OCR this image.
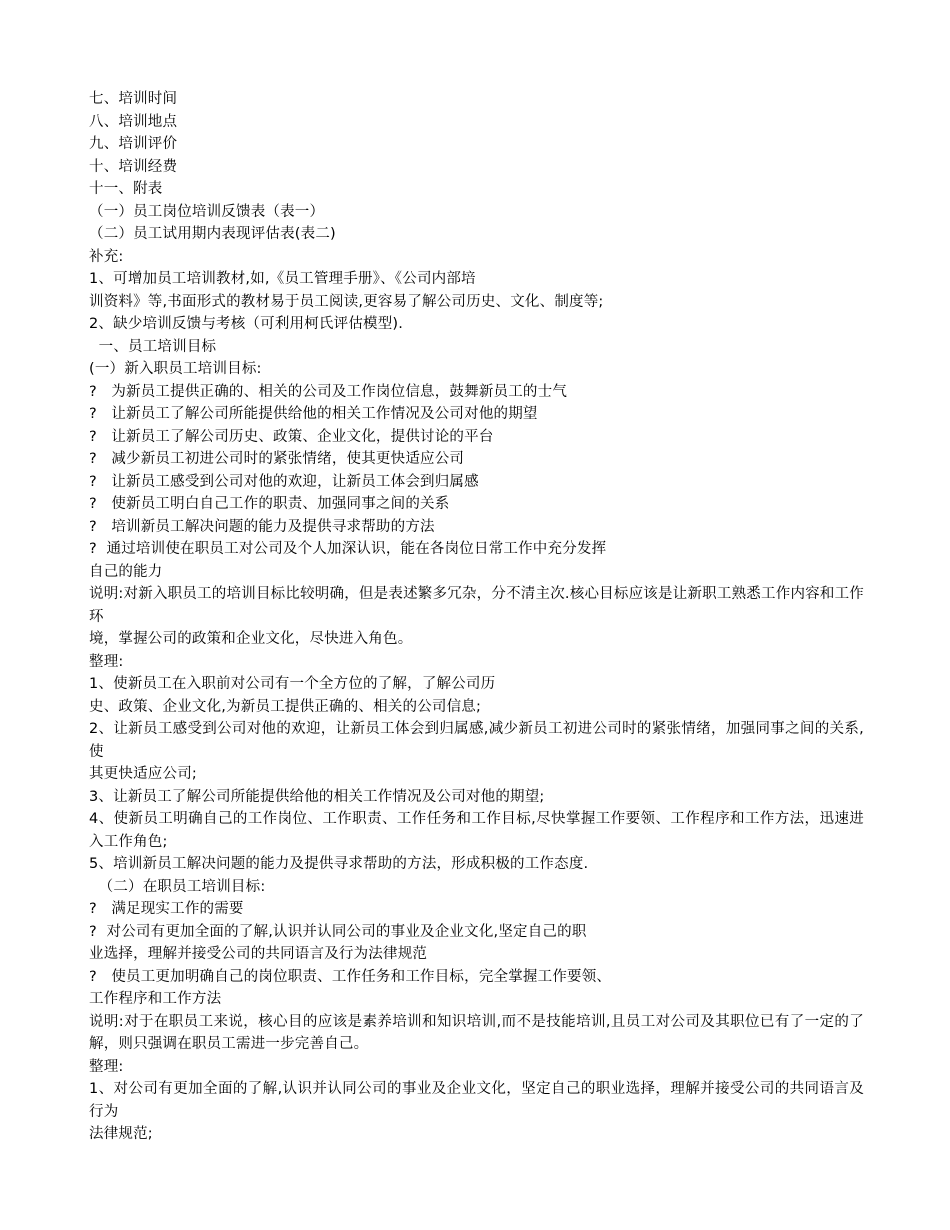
七、培训时间
八、培训地点
九、培训评价
十、培训经费
十一、附表
（一）员工岗位培训反馈表（表一）
（二）员工试用期内表现评估表(表二)
补充:
1、可增加员工培训教材,如,《员工管理手册》、《公司内部培
训资料》等,书面形式的教材易于员工阅读,更容易了解公司历史、文化、制度等;
2、缺少培训反馈与考核（可利用柯氏评估模型).
一、员工培训目标
(一）新入职员工培训目标:
?   为新员工提供正确的、相关的公司及工作岗位信息，鼓舞新员工的士气
?   让新员工了解公司所能提供给他的相关工作情况及公司对他的期望
?   让新员工了解公司历史、政策、企业文化，提供讨论的平台
?   减少新员工初进公司时的紧张情绪，使其更快适应公司
?   让新员工感受到公司对他的欢迎，让新员工体会到归属感
?   使新员工明白自己工作的职责、加强同事之间的关系
?   培训新员工解决问题的能力及提供寻求帮助的方法
?  通过培训使在职员工对公司及个人加深认识，能在各岗位日常工作中充分发挥
自己的能力
说明:对新入职员工的培训目标比较明确，但是表述繁多冗杂，分不清主次.核心目标应该是让新职工熟悉工作内容和工作环
境，掌握公司的政策和企业文化，尽快进入角色。
整理:
1、使新员工在入职前对公司有一个全方位的了解，了解公司历
史、政策、企业文化,为新员工提供正确的、相关的公司信息;
2、让新员工感受到公司对他的欢迎，让新员工体会到归属感,减少新员工初进公司时的紧张情绪，加强同事之间的关系,使
其更快适应公司;
3、让新员工了解公司所能提供给他的相关工作情况及公司对他的期望;
4、使新员工明确自己的工作岗位、工作职责、工作任务和工作目标,尽快掌握工作要领、工作程序和工作方法，迅速进入工作角色;
5、培训新员工解决问题的能力及提供寻求帮助的方法，形成积极的工作态度.
（二）在职员工培训目标:
?   满足现实工作的需要
?  对公司有更加全面的了解,认识并认同公司的事业及企业文化,坚定自己的职
业选择，理解并接受公司的共同语言及行为法律规范
?   使员工更加明确自己的岗位职责、工作任务和工作目标，完全掌握工作要领、
工作程序和工作方法
说明:对于在职员工来说，核心目的应该是素养培训和知识培训,而不是技能培训,且员工对公司及其职位已有了一定的了解，则只强调在职员工需进一步完善自己。
整理:
1、对公司有更加全面的了解,认识并认同公司的事业及企业文化，坚定自己的职业选择，理解并接受公司的共同语言及行为
法律规范;
